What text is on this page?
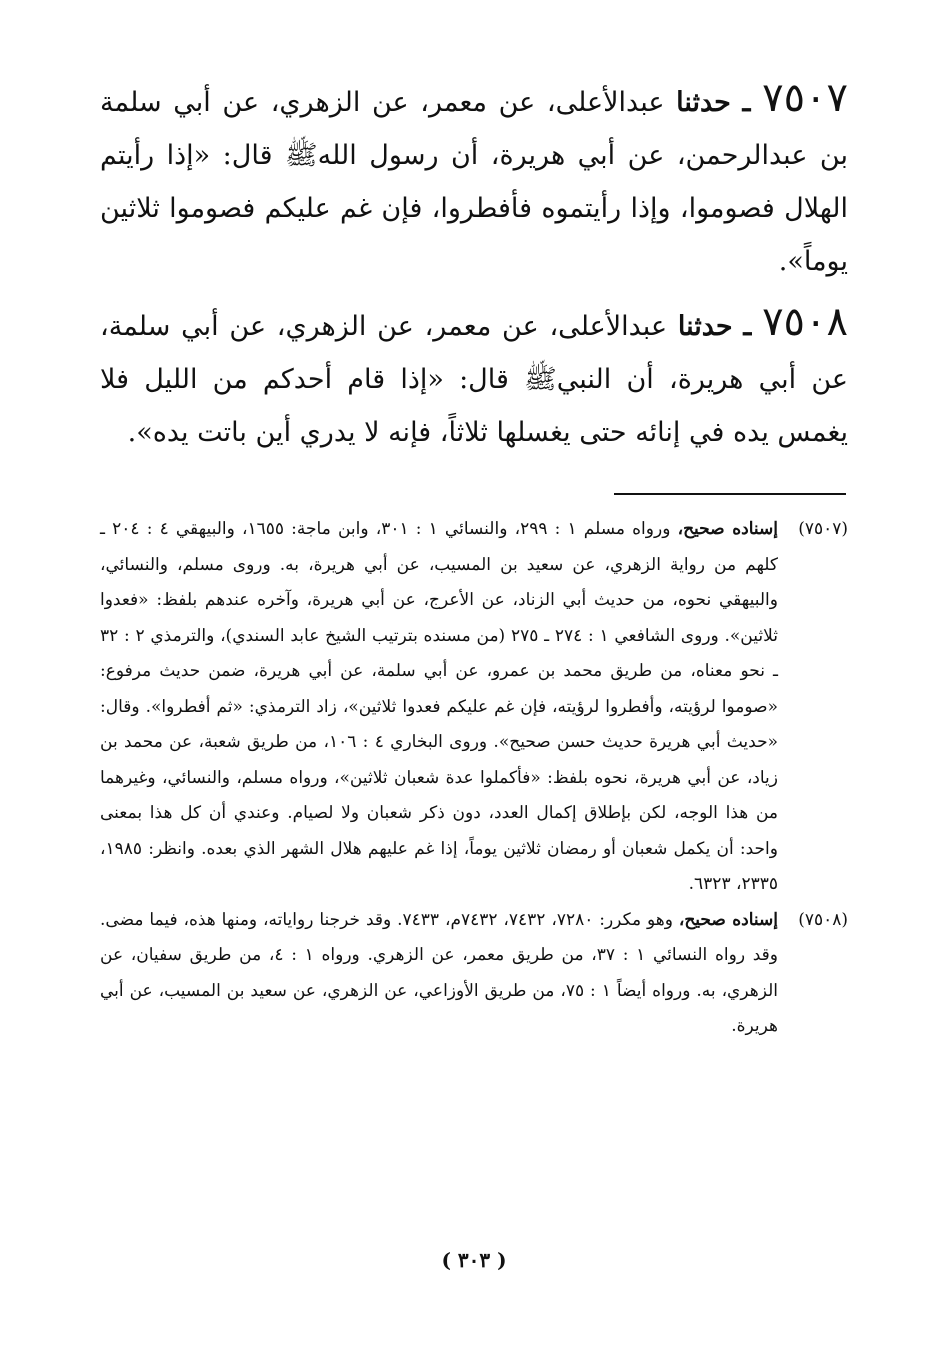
٧٥٠٧ ـ حدثنا عبدالأعلى، عن معمر، عن الزهري، عن أبي سلمة بن عبدالرحمن، عن أبي هريرة، أن رسول اللهﷺ قال: «إذا رأيتم الهلال فصوموا، وإذا رأيتموه فأفطروا، فإن غم عليكم فصوموا ثلاثين يوماً».

٧٥٠٨ ـ حدثنا عبدالأعلى، عن معمر، عن الزهري، عن أبي سلمة، عن أبي هريرة، أن النبيﷺ قال: «إذا قام أحدكم من الليل فلا يغمس يده في إنائه حتى يغسلها ثلاثاً، فإنه لا يدري أين باتت يده».

(٧٥٠٧)
إسناده صحيح، ورواه مسلم ١ : ٢٩٩، والنسائي ١ : ٣٠١، وابن ماجة: ١٦٥٥، والبيهقي ٤ : ٢٠٤ ـ كلهم من رواية الزهري، عن سعيد بن المسيب، عن أبي هريرة، به. وروى مسلم، والنسائي، والبيهقي نحوه، من حديث أبي الزناد، عن الأعرج، عن أبي هريرة، وآخره عندهم بلفظ: «فعدوا ثلاثين». وروى الشافعي ١ : ٢٧٤ ـ ٢٧٥ (من مسنده بترتيب الشيخ عابد السندي)، والترمذي ٢ : ٣٢ ـ نحو معناه، من طريق محمد بن عمرو، عن أبي سلمة، عن أبي هريرة، ضمن حديث مرفوع: «صوموا لرؤيته، وأفطروا لرؤيته، فإن غم عليكم فعدوا ثلاثين»، زاد الترمذي: «ثم أفطروا». وقال: «حديث أبي هريرة حديث حسن صحيح». وروى البخاري ٤ : ١٠٦، من طريق شعبة، عن محمد بن زياد، عن أبي هريرة، نحوه بلفظ: «فأكملوا عدة شعبان ثلاثين»، ورواه مسلم، والنسائي، وغيرهما من هذا الوجه، لكن بإطلاق إكمال العدد، دون ذكر شعبان ولا لصيام. وعندي أن كل هذا بمعنى واحد: أن يكمل شعبان أو رمضان ثلاثين يوماً، إذا غم عليهم هلال الشهر الذي بعده. وانظر: ١٩٨٥، ٢٣٣٥، ٦٣٢٣.

(٧٥٠٨)
إسناده صحيح، وهو مكرر: ٧٢٨٠، ٧٤٣٢، ٧٤٣٢م، ٧٤٣٣. وقد خرجنا رواياته، ومنها هذه، فيما مضى. وقد رواه النسائي ١ : ٣٧، من طريق معمر، عن الزهري. ورواه ١ : ٤، من طريق سفيان، عن الزهري، به. ورواه أيضاً ١ : ٧٥، من طريق الأوزاعي، عن الزهري، عن سعيد بن المسيب، عن أبي هريرة.

( ٣٠٣ )
